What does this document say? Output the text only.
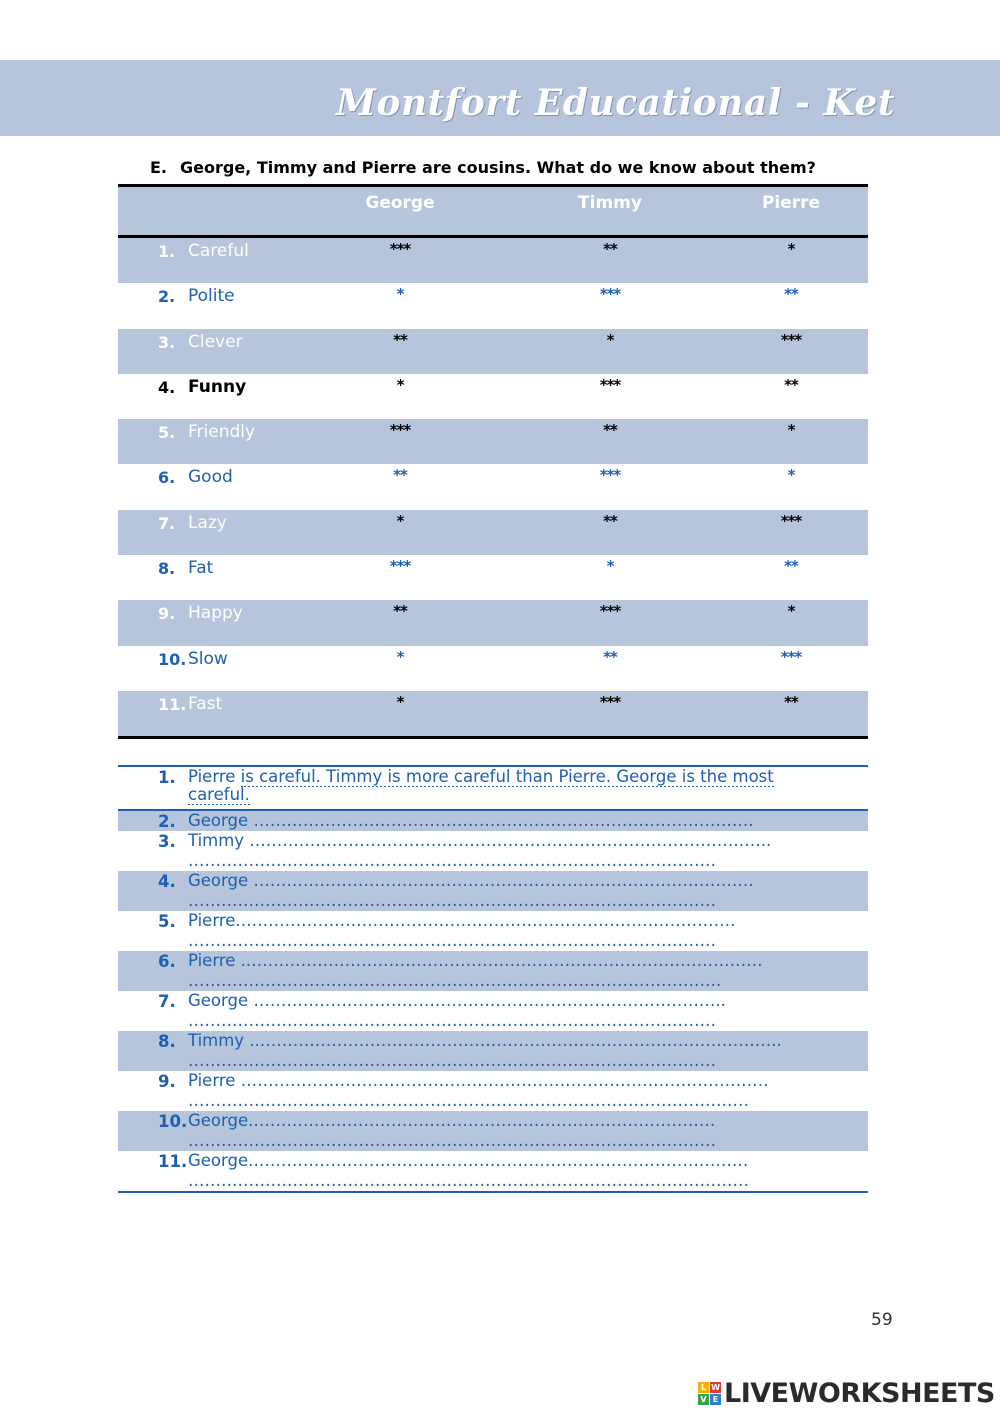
Montfort Educational - Ket
E. George, Timmy and Pierre are cousins. What do we know about them?
George	Timmy	Pierre
1. Careful	***	**	*
2. Polite	*	***	**
3. Clever	**	*	***
4. Funny	*	***	**
5. Friendly	***	**	*
6. Good	**	***	*
7. Lazy	*	**	***
8. Fat	***	*	**
9. Happy	**	***	*
10. Slow	*	**	***
11. Fast	*	***	**
1. Pierre is careful. Timmy is more careful than Pierre. George is the most
careful.
2. George ……………………………………………………………………………….
3. Timmy …………………………………………………………………………………..
……………………………………………………………………………………
4. George ……………………………………………………………………………….
……………………………………………………………………………………
5. Pierre.………………………………………………………………………………
……………………………………………………………………………………
6. Pierre ..…………………………………………………………………………………
…………………………………………………………………………………….
7. George …………………………………………………………………………..
……………………………………………………………………………………
8. Timmy ..…………………………………………………………………………………..
……………………………………………………………………………………
9. Pierre ……………………………………………………………………………………
…………………………………………………………………………………………
10. George.…………………………………………………………………………
……………………………………………………………………………………
11. George.………………………………………………………………………………
…………………………………………………………………………………………
59
L W
V E LIVEWORKSHEETS
